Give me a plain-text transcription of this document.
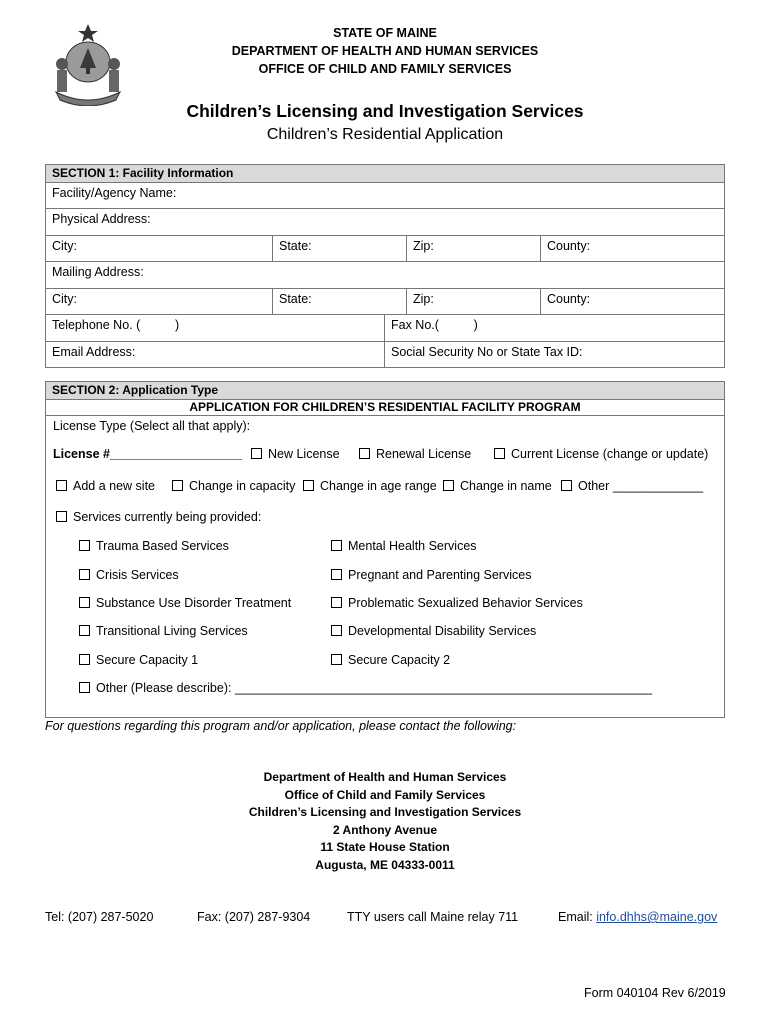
STATE OF MAINE
DEPARTMENT OF HEALTH AND HUMAN SERVICES
OFFICE OF CHILD AND FAMILY SERVICES
Children’s Licensing and Investigation Services
Children’s Residential Application
SECTION 1: Facility Information
Facility/Agency Name:
Physical Address:
City:	State:	Zip:	County:
Mailing Address:
City:	State:	Zip:	County:
Telephone No. (          )	Fax No.(          )
Email Address:	Social Security No or State Tax ID:
SECTION 2: Application Type
APPLICATION FOR CHILDREN’S RESIDENTIAL FACILITY PROGRAM
License Type (Select all that apply):
License #___________________	New License	Renewal License	Current License (change or update)
Add a new site	Change in capacity	Change in age range	Change in name	Other _____________
Services currently being provided:
Trauma Based Services	Mental Health Services
Crisis Services	Pregnant and Parenting Services
Substance Use Disorder Treatment	Problematic Sexualized Behavior Services
Transitional Living Services	Developmental Disability Services
Secure Capacity 1	Secure Capacity 2
Other (Please describe): ____________________________________________________________
For questions regarding this program and/or application, please contact the following:
Department of Health and Human Services
Office of Child and Family Services
Children’s Licensing and Investigation Services
2 Anthony Avenue
11 State House Station
Augusta, ME 04333-0011
Tel: (207) 287-5020	Fax: (207) 287-9304	TTY users call Maine relay 711	Email: info.dhhs@maine.gov
Form 040104 Rev 6/2019
